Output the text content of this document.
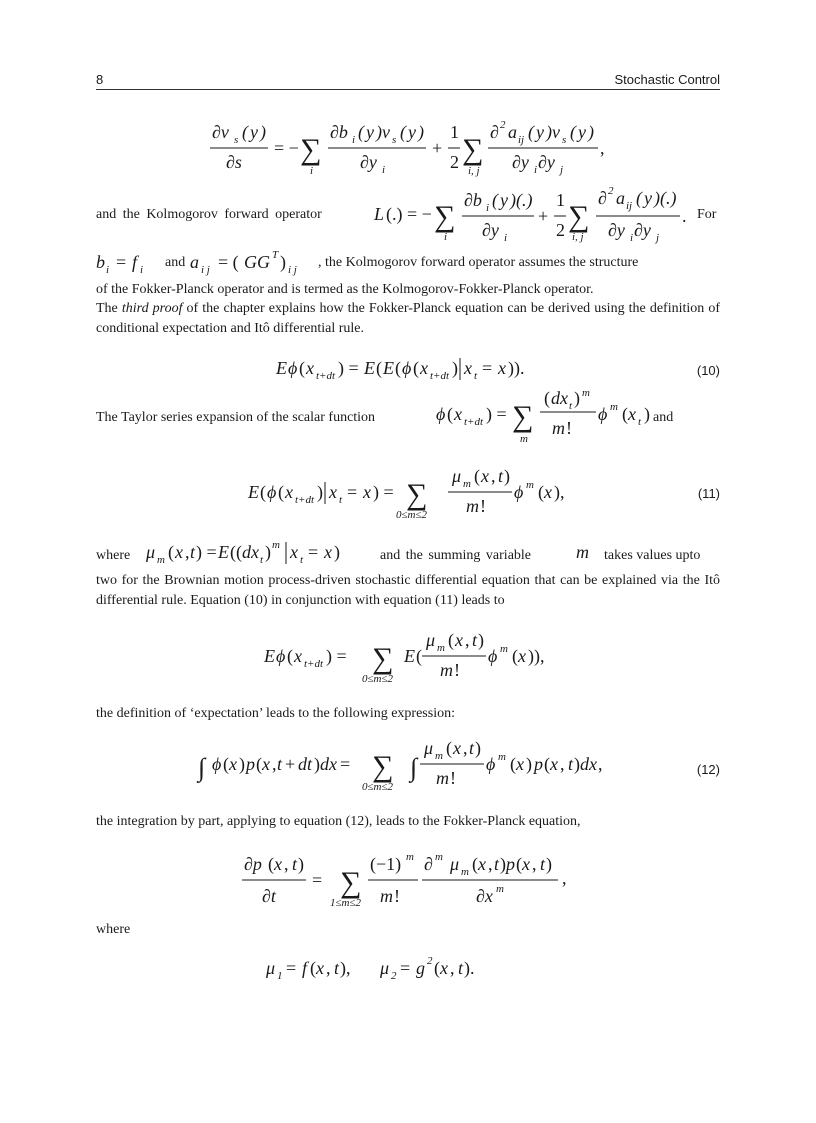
8	Stochastic Control
∂v s ( y )
∂s
= − ∑
i
∂b i ( y )v s ( y )
∂y i
+
1
2 ∑
i, j
∂ 2 a ij ( y )v s ( y )
∂y i ∂y j
,
and the Kolmogorov forward operator	L (.) = − ∑
i
∂b i ( y )(.)
∂y i
+
1
2 ∑
i, j
∂ 2 a ij ( y )(.)
∂y i ∂y j
. For
b i = f i and a i j = ( GG T ) i j , the Kolmogorov forward operator assumes the structure
of the Fokker-Planck operator and is termed as the Kolmogorov-Fokker-Planck operator.
The third proof of the chapter explains how the Fokker-Planck equation can be derived using the definition of conditional expectation and Itô differential rule.
E ϕ ( x t+dt ) = E ( E ( ϕ ( x t+dt ) x t = x )).	(10)
The Taylor series expansion of the scalar function	ϕ ( x t+dt ) = ∑
m
( dx t ) m
m !
ϕ m ( x t ) and
E ( ϕ ( x t+dt ) x t = x ) = ∑
0≤m≤2
μ m ( x , t )
m !
ϕ m ( x ),	(11)
where μ m ( x , t ) = E (( dx t ) m x t = x )	and the summing variable m takes values upto
two for the Brownian motion process-driven stochastic differential equation that can be explained via the Itô differential rule. Equation (10) in conjunction with equation (11) leads to
E ϕ ( x t+dt ) = ∑
0≤m≤2
E (
μ m ( x , t )
m !
ϕ m ( x )),
the definition of ‘expectation’ leads to the following expression:
∫ ϕ ( x ) p ( x , t + dt ) dx = ∑
0≤m≤2
∫
μ m ( x , t )
m !
ϕ m ( x ) p ( x , t ) dx ,	(12)
the integration by part, applying to equation (12), leads to the Fokker-Planck equation,
∂p ( x , t )
∂t
= ∑
1≤m≤2
(−1) m
m !
∂ m μ m ( x , t ) p ( x , t )
∂x m
,
where
μ 1 = f ( x , t ), μ 2 = g 2 ( x , t ).
